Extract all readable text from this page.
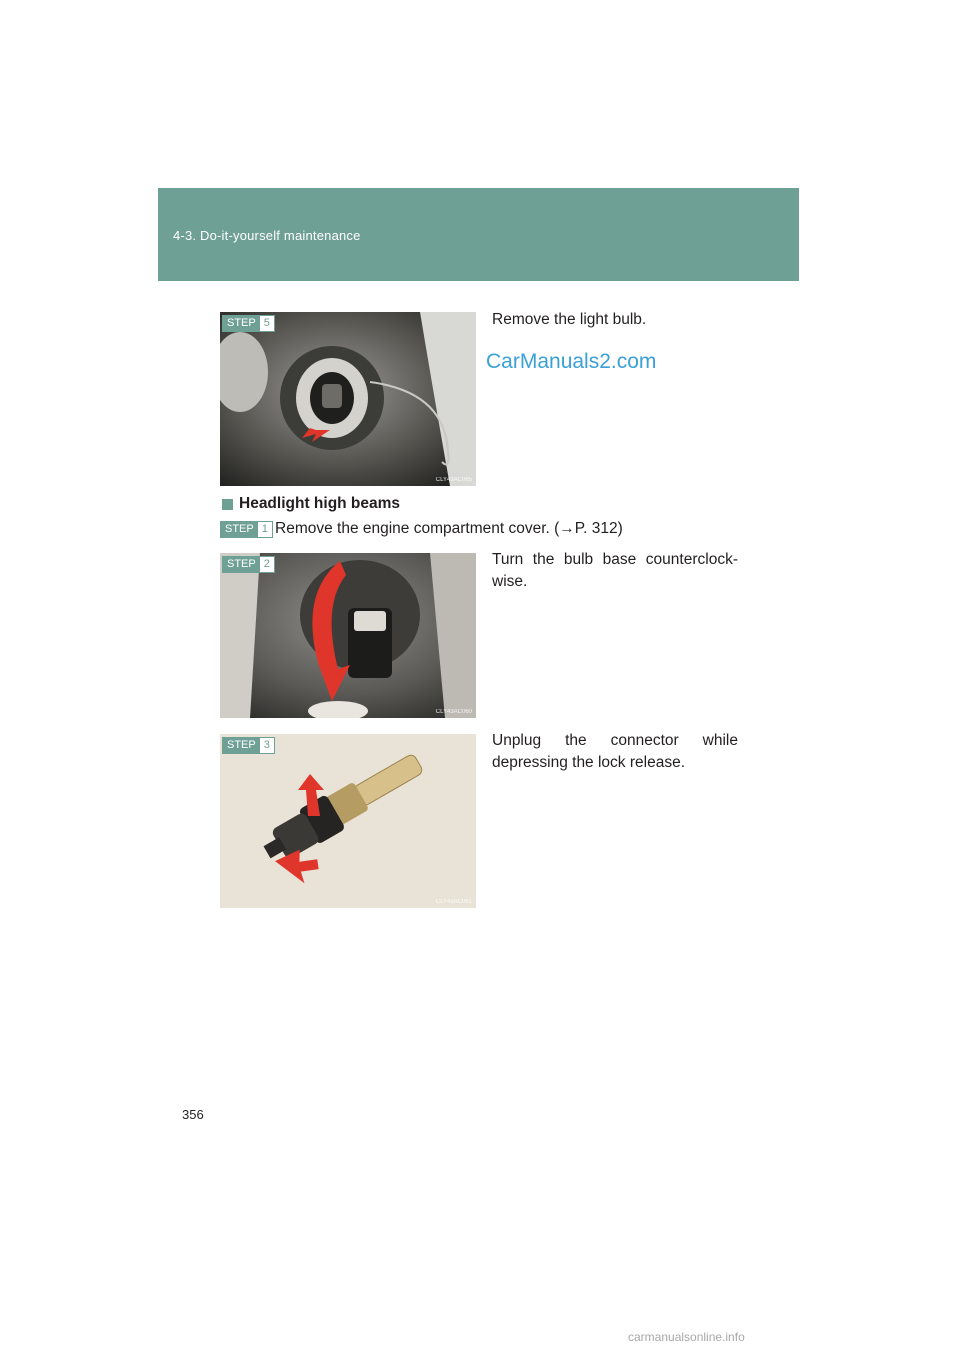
4-3. Do-it-yourself maintenance
STEP 5
CLY43AC065
Remove the light bulb.
CarManuals2.com
Headlight high beams
STEP 1 Remove the engine compartment cover. (→P. 312)
STEP 2
CLY43AC060
Turn the bulb base counterclock-wise.
STEP 3
CLY43AC061
Unplug the connector while depressing the lock release.
356
carmanualsonline.info
